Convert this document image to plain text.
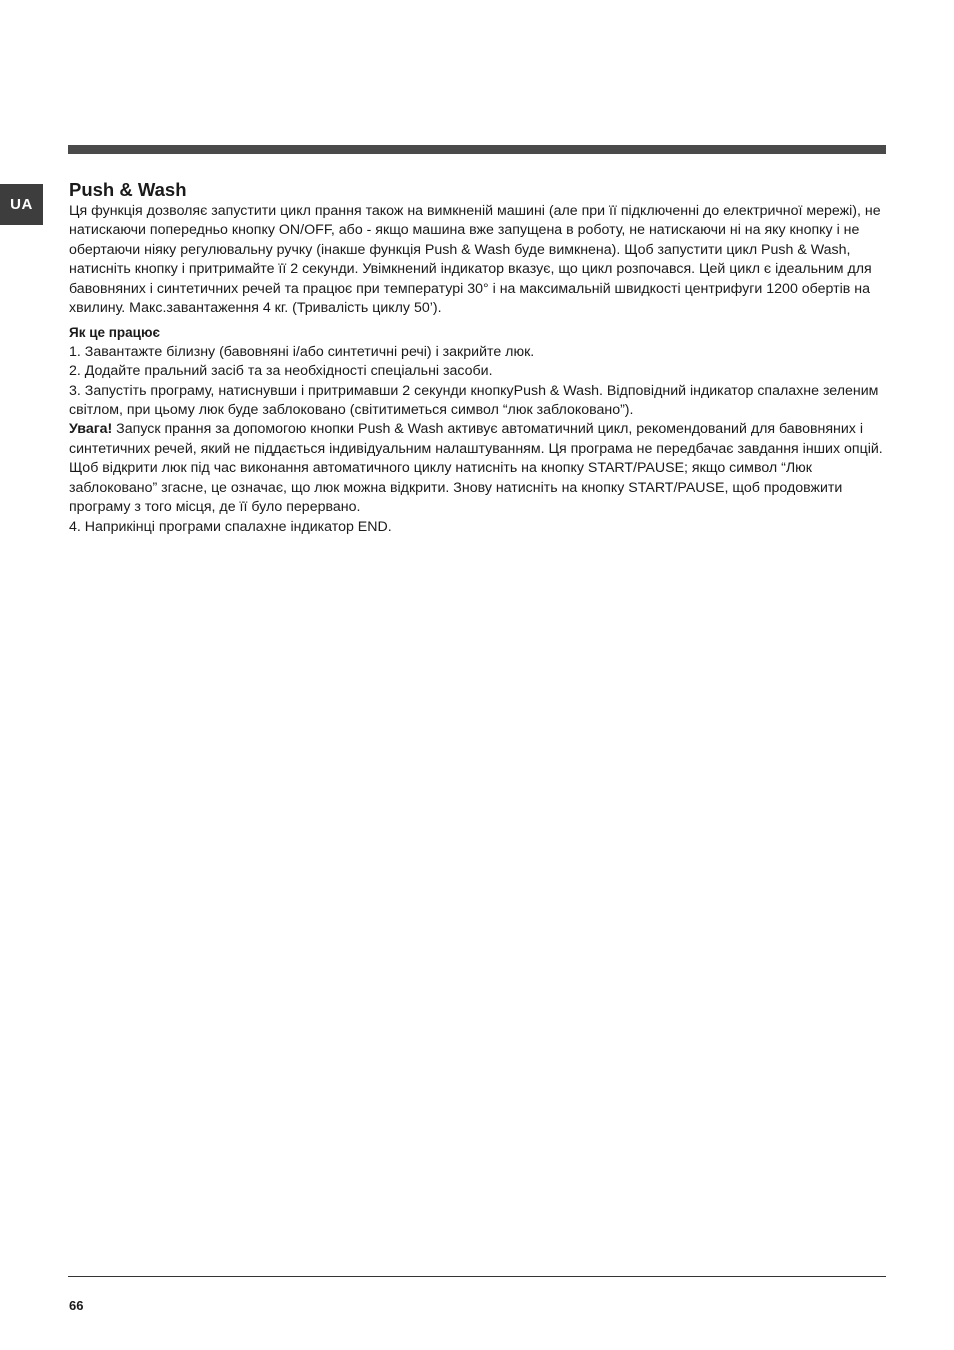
UA
Push & Wash

Ця функція дозволяє запустити цикл прання також на вимкненій машині (але при її підключенні до електричної мережі), не натискаючи попередньо кнопку ON/OFF, або - якщо машина вже запущена в роботу, не натискаючи ні на яку кнопку і не обертаючи ніяку регулювальну ручку (інакше функція Push & Wash буде вимкнена). Щоб запустити цикл Push & Wash, натисніть кнопку і притримайте її 2 секунди. Увімкнений індикатор вказує, що цикл розпочався. Цей цикл є ідеальним для бавовняних і синтетичних речей та працює при температурі 30° і на максимальній швидкості центрифуги 1200 обертів на хвилину. Макс.завантаження 4 кг. (Тривалість циклу 50’).

Як це працює

1. Завантажте білизну (бавовняні і/або синтетичні речі) і закрийте люк.

2. Додайте пральний засіб та за необхідності спеціальні засоби.

3. Запустіть програму, натиснувши і притримавши 2 секунди кнопкуPush & Wash. Відповідний індикатор спалахне зеленим світлом, при цьому люк буде заблоковано (світитиметься символ “люк заблоковано”).

Увага! Запуск прання за допомогою кнопки Push & Wash активує автоматичний цикл, рекомендований для бавовняних і синтетичних речей, який не піддається індивідуальним налаштуванням. Ця програма не передбачає завдання інших опцій.

Щоб відкрити люк під час виконання автоматичного циклу натисніть на кнопку START/PAUSE; якщо символ “Люк заблоковано” згасне, це означає, що люк можна відкрити. Знову натисніть на кнопку START/PAUSE, щоб продовжити програму з того місця, де її було перервано.

4. Наприкінці програми спалахне індикатор END.

66
